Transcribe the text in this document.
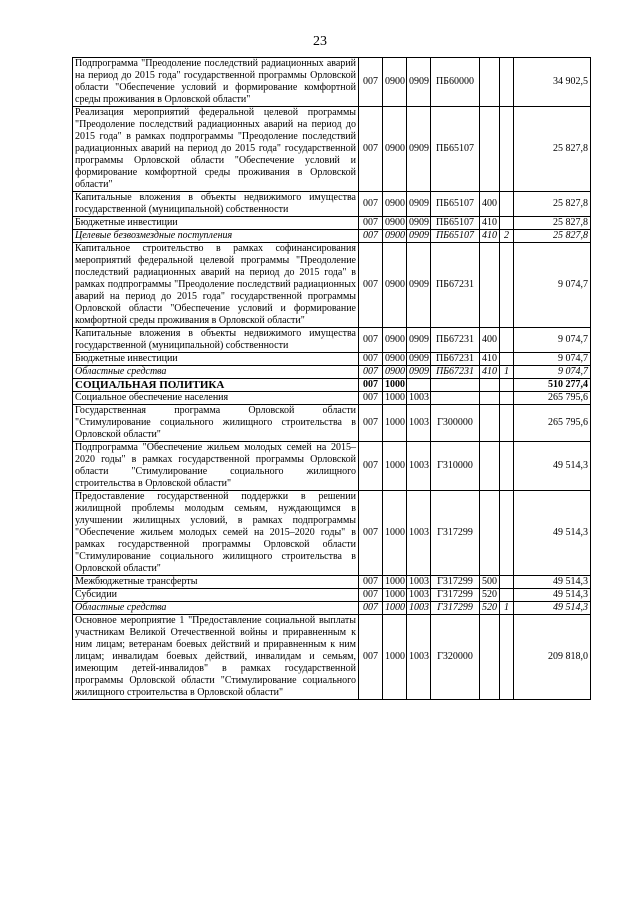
23
Подпрограмма "Преодоление последствий радиационных аварий на период до 2015 года" государственной программы Орловской области "Обеспечение условий и формирование комфортной среды проживания в Орловской области"	007	0900	0909	ПБ60000			34 902,5
Реализация мероприятий федеральной целевой программы "Преодоление последствий радиационных аварий на период до 2015 года" в рамках подпрограммы "Преодоление последствий радиационных аварий на период до 2015 года" государственной программы Орловской области "Обеспечение условий и формирование комфортной среды проживания в Орловской области"	007	0900	0909	ПБ65107			25 827,8
Капитальные вложения в объекты недвижимого имущества государственной (муниципальной) собственности	007	0900	0909	ПБ65107	400		25 827,8
Бюджетные инвестиции	007	0900	0909	ПБ65107	410		25 827,8
Целевые безвозмездные поступления	007	0900	0909	ПБ65107	410	2	25 827,8
Капитальное строительство в рамках софинансирования мероприятий федеральной целевой программы "Преодоление последствий радиационных аварий на период до 2015 года" в рамках подпрограммы "Преодоление последствий радиационных аварий на период до 2015 года" государственной программы Орловской области "Обеспечение условий и формирование комфортной среды проживания в Орловской области"	007	0900	0909	ПБ67231			9 074,7
Капитальные вложения в объекты недвижимого имущества государственной (муниципальной) собственности	007	0900	0909	ПБ67231	400		9 074,7
Бюджетные инвестиции	007	0900	0909	ПБ67231	410		9 074,7
Областные средства	007	0900	0909	ПБ67231	410	1	9 074,7
СОЦИАЛЬНАЯ ПОЛИТИКА	007	1000					510 277,4
Социальное обеспечение населения	007	1000	1003				265 795,6
Государственная программа Орловской области "Стимулирование социального жилищного строительства в Орловской области"	007	1000	1003	Г300000			265 795,6
Подпрограмма "Обеспечение жильем молодых семей на 2015–2020 годы" в рамках государственной программы Орловской области "Стимулирование социального жилищного строительства в Орловской области"	007	1000	1003	Г310000			49 514,3
Предоставление государственной поддержки в решении жилищной проблемы молодым семьям, нуждающимся в улучшении жилищных условий, в рамках подпрограммы "Обеспечение жильем молодых семей на 2015–2020 годы" в рамках государственной программы Орловской области "Стимулирование социального жилищного строительства в Орловской области"	007	1000	1003	Г317299			49 514,3
Межбюджетные трансферты	007	1000	1003	Г317299	500		49 514,3
Субсидии	007	1000	1003	Г317299	520		49 514,3
Областные средства	007	1000	1003	Г317299	520	1	49 514,3
Основное мероприятие 1 "Предоставление социальной выплаты участникам Великой Отечественной войны и приравненным к ним лицам; ветеранам боевых действий и приравненным к ним лицам; инвалидам боевых действий, инвалидам и семьям, имеющим детей-инвалидов" в рамках государственной программы Орловской области "Стимулирование социального жилищного строительства в Орловской области"	007	1000	1003	Г320000			209 818,0
